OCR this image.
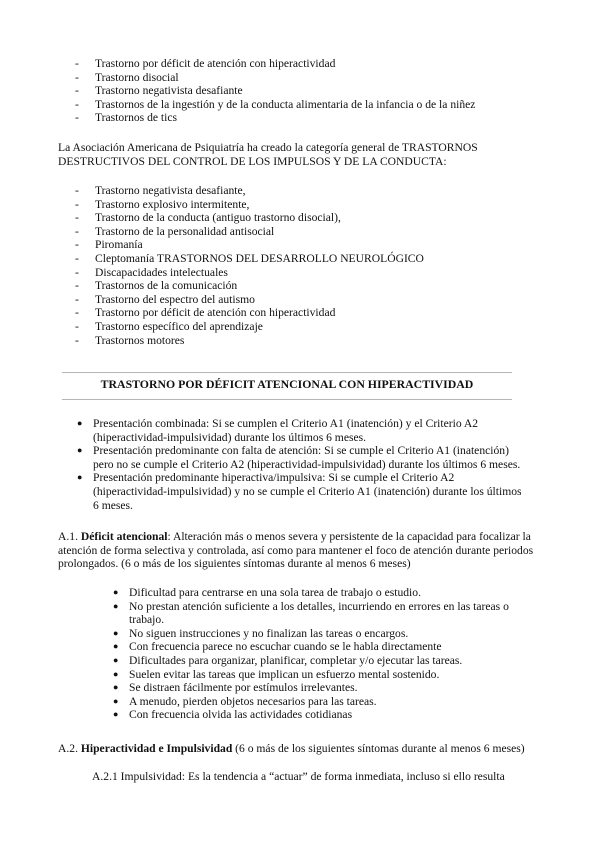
-	Trastorno por déficit de atención con hiperactividad
-	Trastorno disocial
-	Trastorno negativista desafiante
-	Trastornos de la ingestión y de la conducta alimentaria de la infancia o de la niñez
-	Trastornos de tics

La Asociación Americana de Psiquiatría ha creado la categoría general de TRASTORNOS DESTRUCTIVOS DEL CONTROL DE LOS IMPULSOS Y DE LA CONDUCTA:

-	Trastorno negativista desafiante,
-	Trastorno explosivo intermitente,
-	Trastorno de la conducta (antiguo trastorno disocial),
-	Trastorno de la personalidad antisocial
-	Piromanía
-	Cleptomanía TRASTORNOS DEL DESARROLLO NEUROLÓGICO
-	Discapacidades intelectuales
-	Trastornos de la comunicación
-	Trastorno del espectro del autismo
-	Trastorno por déficit de atención con hiperactividad
-	Trastorno específico del aprendizaje
-	Trastornos motores
TRASTORNO POR DÉFICIT ATENCIONAL CON HIPERACTIVIDAD
● Presentación combinada: Si se cumplen el Criterio A1 (inatención) y el Criterio A2 (hiperactividad-impulsividad) durante los últimos 6 meses.
● Presentación predominante con falta de atención: Si se cumple el Criterio A1 (inatención) pero no se cumple el Criterio A2 (hiperactividad-impulsividad) durante los últimos 6 meses.
● Presentación predominante hiperactiva/impulsiva: Si se cumple el Criterio A2 (hiperactividad-impulsividad) y no se cumple el Criterio A1 (inatención) durante los últimos 6 meses.

A.1. Déficit atencional: Alteración más o menos severa y persistente de la capacidad para focalizar la atención de forma selectiva y controlada, así como para mantener el foco de atención durante periodos prolongados. (6 o más de los siguientes síntomas durante al menos 6 meses)

● Dificultad para centrarse en una sola tarea de trabajo o estudio.
● No prestan atención suficiente a los detalles, incurriendo en errores en las tareas o trabajo.
● No siguen instrucciones y no finalizan las tareas o encargos.
● Con frecuencia parece no escuchar cuando se le habla directamente
● Dificultades para organizar, planificar, completar y/o ejecutar las tareas.
● Suelen evitar las tareas que implican un esfuerzo mental sostenido.
● Se distraen fácilmente por estímulos irrelevantes.
● A menudo, pierden objetos necesarios para las tareas.
● Con frecuencia olvida las actividades cotidianas

A.2. Hiperactividad e Impulsividad (6 o más de los siguientes síntomas durante al menos 6 meses)

A.2.1 Impulsividad: Es la tendencia a “actuar” de forma inmediata, incluso si ello resulta
